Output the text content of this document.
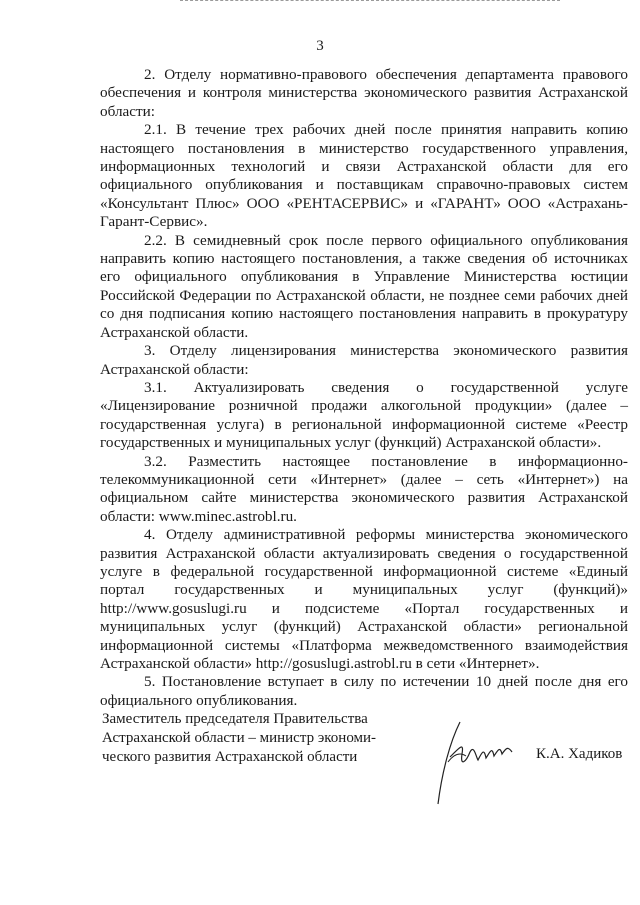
3

2. Отделу нормативно-правового обеспечения департамента правового обеспечения и контроля министерства экономического развития Астраханской области:

2.1. В течение трех рабочих дней после принятия направить копию настоящего постановления в министерство государственного управления, информационных технологий и связи Астраханской области для его официального опубликования и поставщикам справочно-правовых систем «Консультант Плюс» ООО «РЕНТАСЕРВИС» и «ГАРАНТ» ООО «Астрахань-Гарант-Сервис».

2.2. В семидневный срок после первого официального опубликования направить копию настоящего постановления, а также сведения об источниках его официального опубликования в Управление Министерства юстиции Российской Федерации по Астраханской области, не позднее семи рабочих дней со дня подписания копию настоящего постановления направить в прокуратуру Астраханской области.

3. Отделу лицензирования министерства экономического развития Астраханской области:

3.1. Актуализировать сведения о государственной услуге «Лицензирование розничной продажи алкогольной продукции» (далее – государственная услуга) в региональной информационной системе «Реестр государственных и муниципальных услуг (функций) Астраханской области».

3.2. Разместить настоящее постановление в информационно-телекоммуникационной сети «Интернет» (далее – сеть «Интернет») на официальном сайте министерства экономического развития Астраханской области: www.minec.astrobl.ru.

4. Отделу административной реформы министерства экономического развития Астраханской области актуализировать сведения о государственной услуге в федеральной государственной информационной системе «Единый портал государственных и муниципальных услуг (функций)» http://www.gosuslugi.ru и подсистеме «Портал государственных и муниципальных услуг (функций) Астраханской области» региональной информационной системы «Платформа межведомственного взаимодействия Астраханской области» http://gosuslugi.astrobl.ru в сети «Интернет».

5. Постановление вступает в силу по истечении 10 дней после дня его официального опубликования.

Заместитель председателя Правительства
Астраханской области – министр экономи-
ческого развития Астраханской области	К.А. Хадиков
